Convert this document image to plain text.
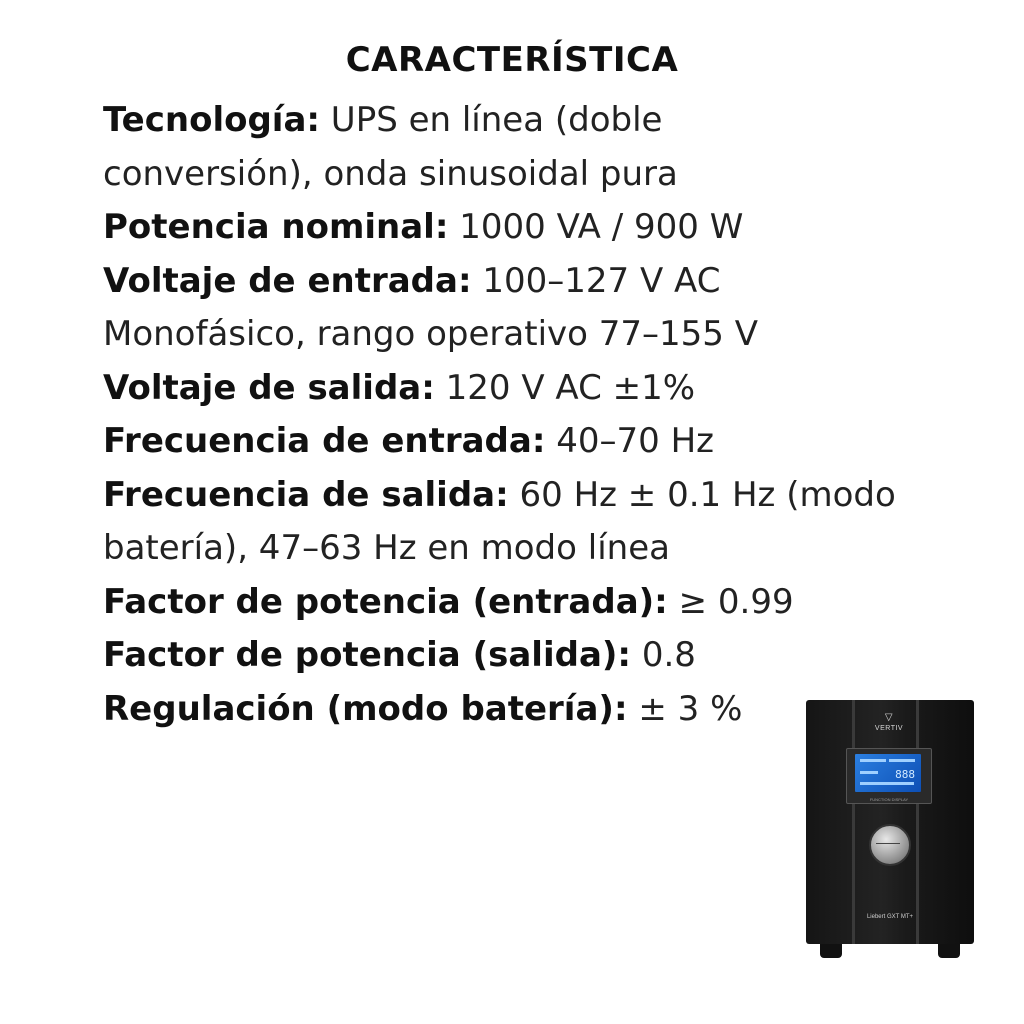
CARACTERÍSTICA
Tecnología: UPS en línea (doble
conversión), onda sinusoidal pura
Potencia nominal: 1000 VA / 900 W
Voltaje de entrada: 100–127 V AC
Monofásico, rango operativo 77–155 V
Voltaje de salida: 120 V AC ±1%
Frecuencia de entrada: 40–70 Hz
Frecuencia de salida: 60 Hz ± 0.1 Hz (modo
batería), 47–63 Hz en modo línea
Factor de potencia (entrada): ≥ 0.99
Factor de potencia (salida): 0.8
Regulación (modo batería): ± 3 %	▽
VERTIV
888
FUNCTION DISPLAY
Liebert GXT MT+
